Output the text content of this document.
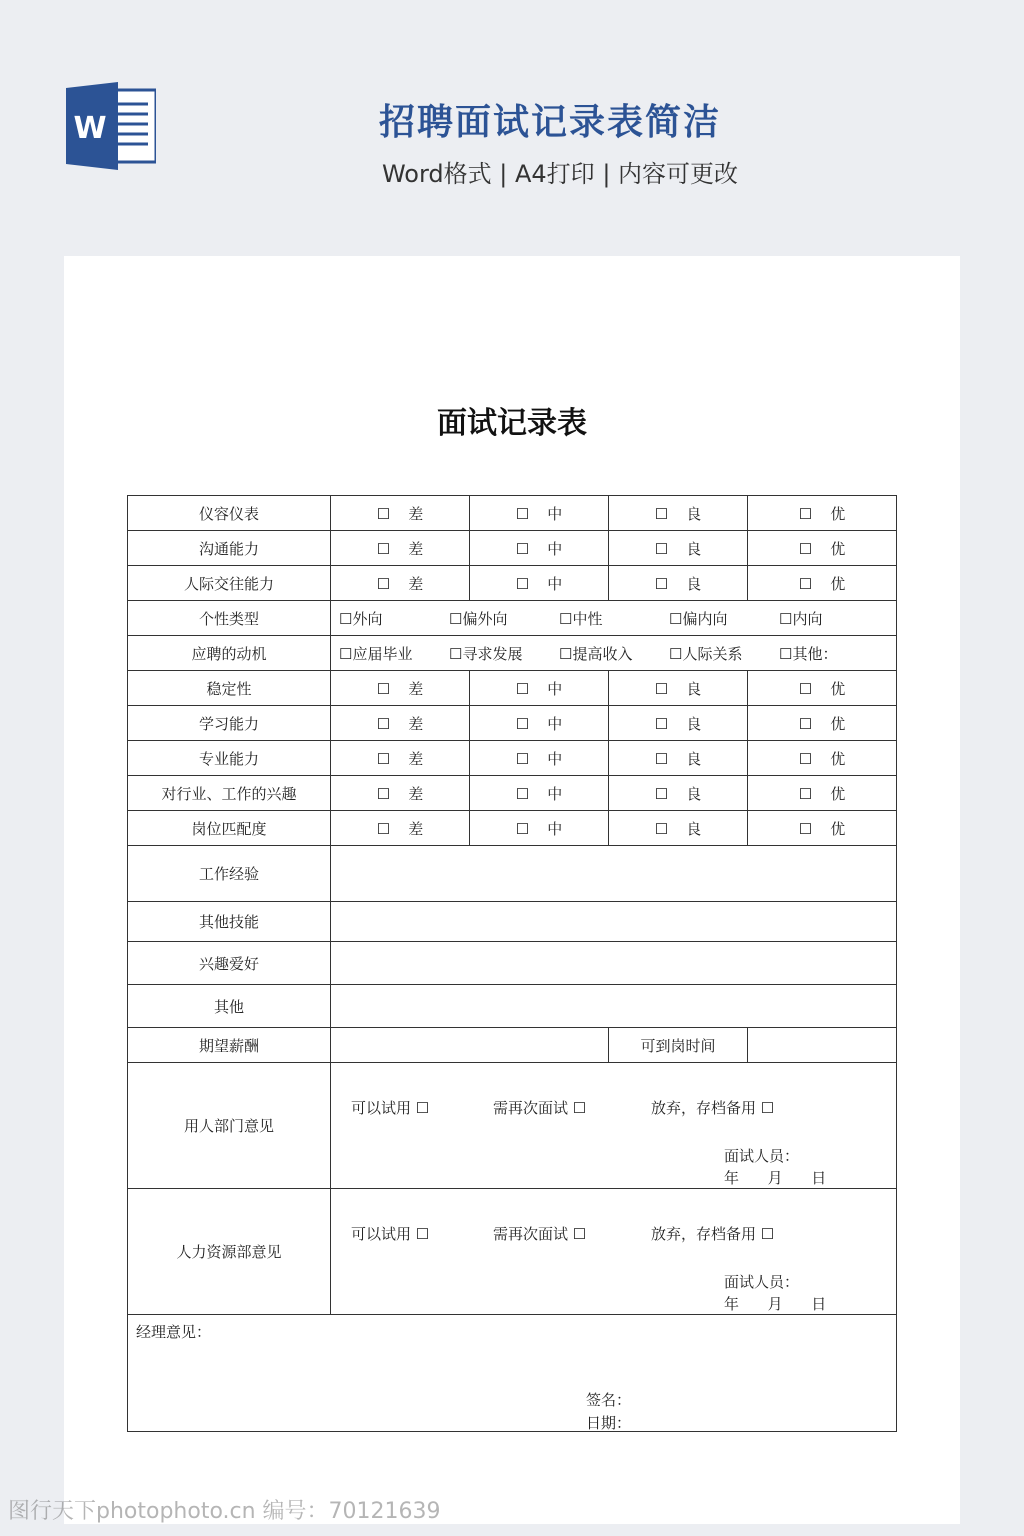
W	招聘面试记录表简洁
Word格式 | A4打印 | 内容可更改
面试记录表
仪容仪表	☐ 差	☐ 中	☐ 良	☐ 优
沟通能力	☐ 差	☐ 中	☐ 良	☐ 优
人际交往能力	☐ 差	☐ 中	☐ 良	☐ 优
个性类型	☐外向 ☐偏外向 ☐中性 ☐偏内向 ☐内向			
应聘的动机	☐应届毕业 ☐寻求发展 ☐提高收入 ☐人际关系 ☐其他：			
稳定性	☐ 差	☐ 中	☐ 良	☐ 优
学习能力	☐ 差	☐ 中	☐ 良	☐ 优
专业能力	☐ 差	☐ 中	☐ 良	☐ 优
对行业、工作的兴趣	☐ 差	☐ 中	☐ 良	☐ 优
岗位匹配度	☐ 差	☐ 中	☐ 良	☐ 优
工作经验				
其他技能				
兴趣爱好				
其他				
期望薪酬			可到岗时间	
用人部门意见	可以试用 ☐ 需再次面试 ☐ 放弃，存档备用 ☐
面试人员：
年      月      日			

人力资源部意见	可以试用 ☐ 需再次面试 ☐ 放弃，存档备用 ☐
面试人员：
年      月      日			

经理意见：
签名：
日期：				
图行天下photophoto.cn 编号：70121639
